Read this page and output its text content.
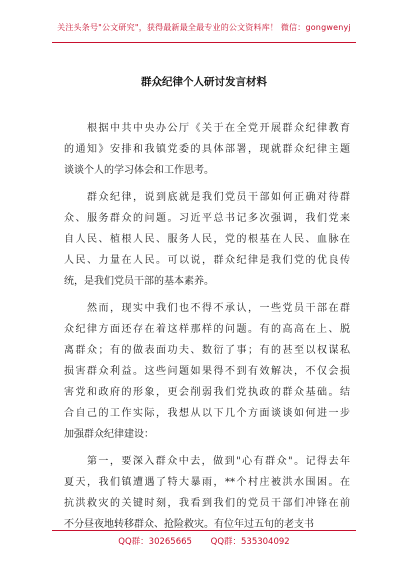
关注头条号"公文研究"，获得最新最全最专业的公文资料库！ 微信：gongwenyj
群众纪律个人研讨发言材料
　　根据中共中央办公厅《关于在全党开展群众纪律教育
的通知》安排和我镇党委的具体部署，现就群众纪律主题
谈谈个人的学习体会和工作思考。
　　群众纪律，说到底就是我们党员干部如何正确对待群
众、服务群众的问题。习近平总书记多次强调，我们党来
自人民、植根人民、服务人民，党的根基在人民、血脉在
人民、力量在人民。可以说，群众纪律是我们党的优良传
统，是我们党员干部的基本素养。
　　然而，现实中我们也不得不承认，一些党员干部在群
众纪律方面还存在着这样那样的问题。有的高高在上、脱
离群众；有的做表面功夫、数衍了事；有的甚至以权谋私
损害群众利益。这些问题如果得不到有效解决，不仅会损
害党和政府的形象，更会削弱我们党执政的群众基础。结
合自己的工作实际，我想从以下几个方面谈谈如何进一步
加强群众纪律建设：
　　第一，要深入群众中去，做到"心有群众"。记得去年
夏天，我们镇遭遇了特大暴雨，**个村庄被洪水围困。在
抗洪救灾的关键时刻，我看到我们的党员干部们冲锋在前
不分昼夜地转移群众、抢险救灾。有位年过五旬的老支书
QQ群：30265665 QQ群：535304092
